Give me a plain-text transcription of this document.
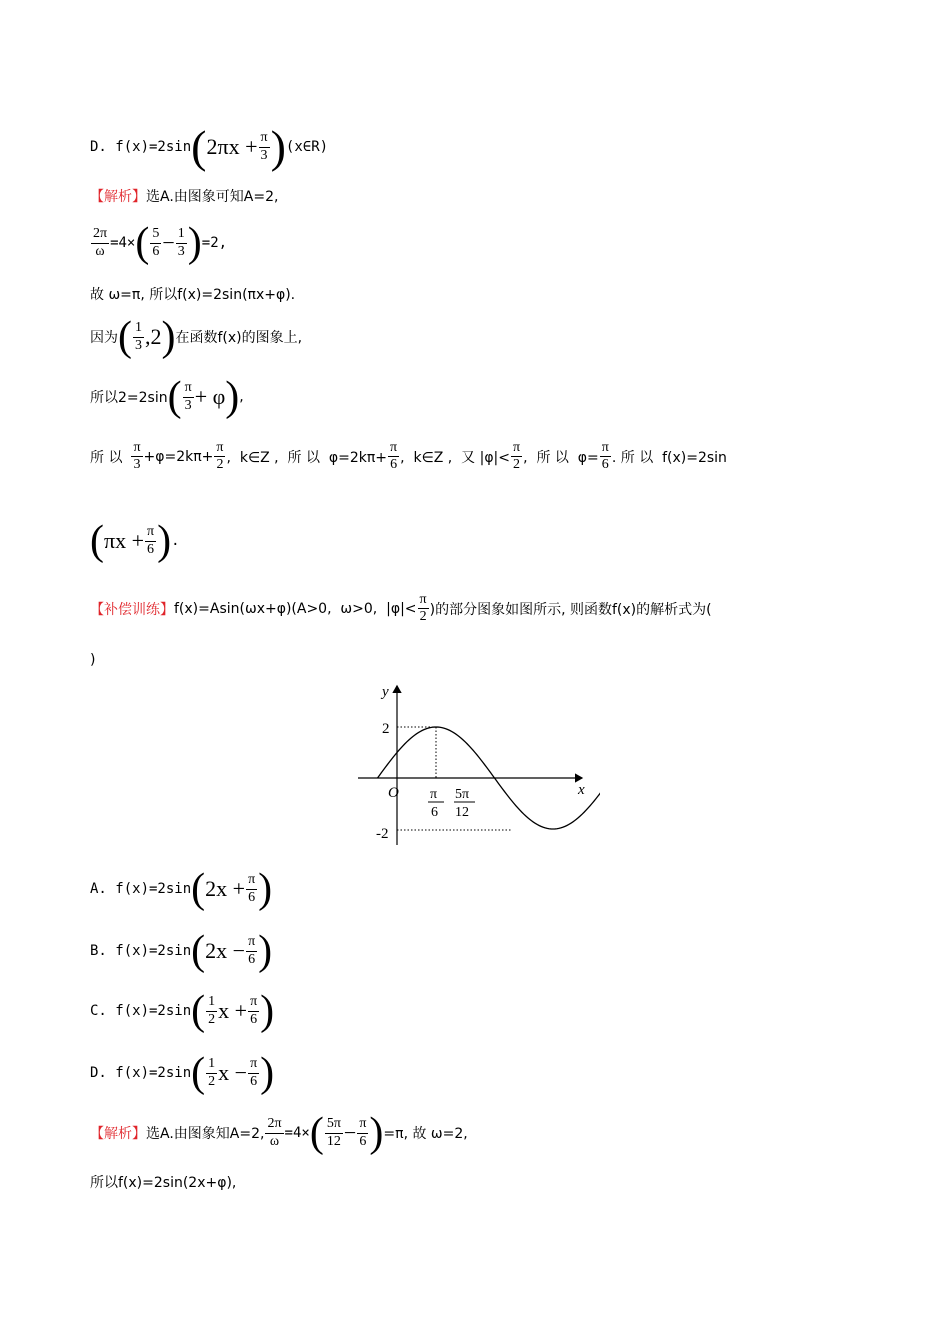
D. f(x)=2sin ( $2\pi x + \frac{\pi}{3}$ ) (x∈R)
【解析】 选A.由图象可知A=2,
$\frac{2\pi}{\omega} =4\times$ ( $\frac{5}{6} - \frac{1}{3}$ ) =2,
故 ω=π, 所以f(x)=2sin(πx+φ).
因为 ( $\frac{1}{3} ,2$ ) 在函数f(x)的图象上,
所以2=2sin ( $\frac{\pi}{3} + \varphi$ ) ,
所 以 $\frac{\pi}{3} +\varphi=2k\pi+ \frac{\pi}{2}$ ,  k∈Z ,  所 以  $\varphi=2k\pi+ \frac{\pi}{6}$ ,  k∈Z ,  又 $|\varphi|< \frac{\pi}{2}$ ,  所 以  $\varphi= \frac{\pi}{6}$ . 所 以  f(x)=2sin
( $\pi x + \frac{\pi}{6}$ ) .
【补偿训练】 f(x)=Asin(ωx+φ)(A>0,  ω>0,  $|\varphi|< \frac{\pi}{2}$ )的部分图象如图所示, 则函数f(x)的解析式为(
)
y
x
O
2
-2
π
6
5π
12
A. f(x)=2sin ( $2x + \frac{\pi}{6}$ )
B. f(x)=2sin ( $2x - \frac{\pi}{6}$ )
C. f(x)=2sin ( $\frac{1}{2}$ $x + \frac{\pi}{6}$ )
D. f(x)=2sin ( $\frac{1}{2}$ $x - \frac{\pi}{6}$ )
【解析】 选A.由图象知A=2, $\frac{2\pi}{\omega} =4\times$ ( $\frac{5\pi}{12} - \frac{\pi}{6}$ ) =π, 故 ω=2,
所以f(x)=2sin(2x+φ),
